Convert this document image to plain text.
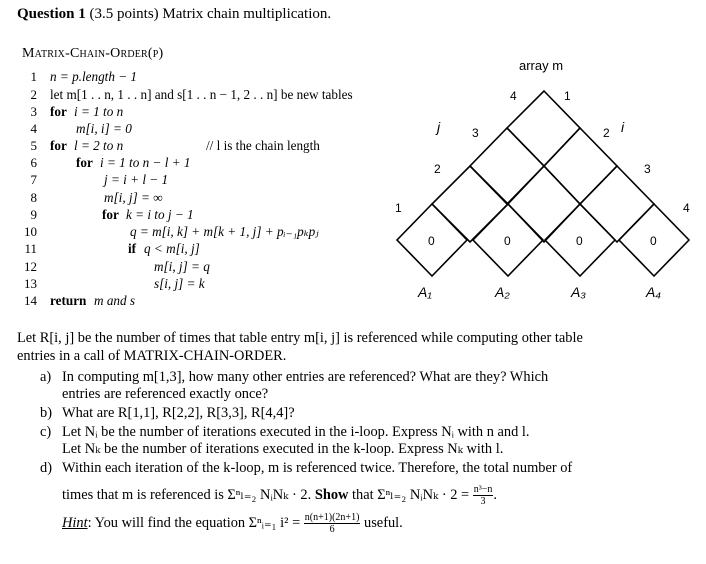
Question 1 (3.5 points) Matrix chain multiplication.
Matrix-Chain-Order(p)
1 n = p.length − 1
2 let m[1 . . n, 1 . . n] and s[1 . . n − 1, 2 . . n] be new tables
3 for i = 1 to n
4	m[i, i] = 0
5 for l = 2 to n	// l is the chain length
6	for i = 1 to n − l + 1
7	j = i + l − 1
8	m[i, j] = ∞
9	for k = i to j − 1
10	q = m[i, k] + m[k + 1, j] + pᵢ₋₁pₖpⱼ
11	if q < m[i, j]
12	m[i, j] = q
13	s[i, j] = k
14 return m and s
array m
j	i
4
3
2
1
1
2
3
4
0	0	0	0
A₁	A₂	A₃	A₄
Let R[i, j] be the number of times that table entry m[i, j] is referenced while computing other table
entries in a call of MATRIX-CHAIN-ORDER.
a) In computing m[1,3], how many other entries are referenced? What are they? Which
entries are referenced exactly once?
b) What are R[1,1], R[2,2], R[3,3], R[4,4]?
c) Let Nᵢ be the number of iterations executed in the i-loop. Express Nᵢ with n and l.
Let Nₖ be the number of iterations executed in the k-loop. Express Nₖ with l.
d) Within each iteration of the k-loop, m is referenced twice. Therefore, the total number of
times that m is referenced is Σⁿₗ₌₂ NᵢNₖ · 2. Show that Σⁿₗ₌₂ NᵢNₖ · $2 = \frac{\text{n³−n}}{3}$ .
Hint: You will find the equation Σⁿᵢ₌₁ $i^2 = \frac{n(n+1)(2n+1)}{6}$ useful.
